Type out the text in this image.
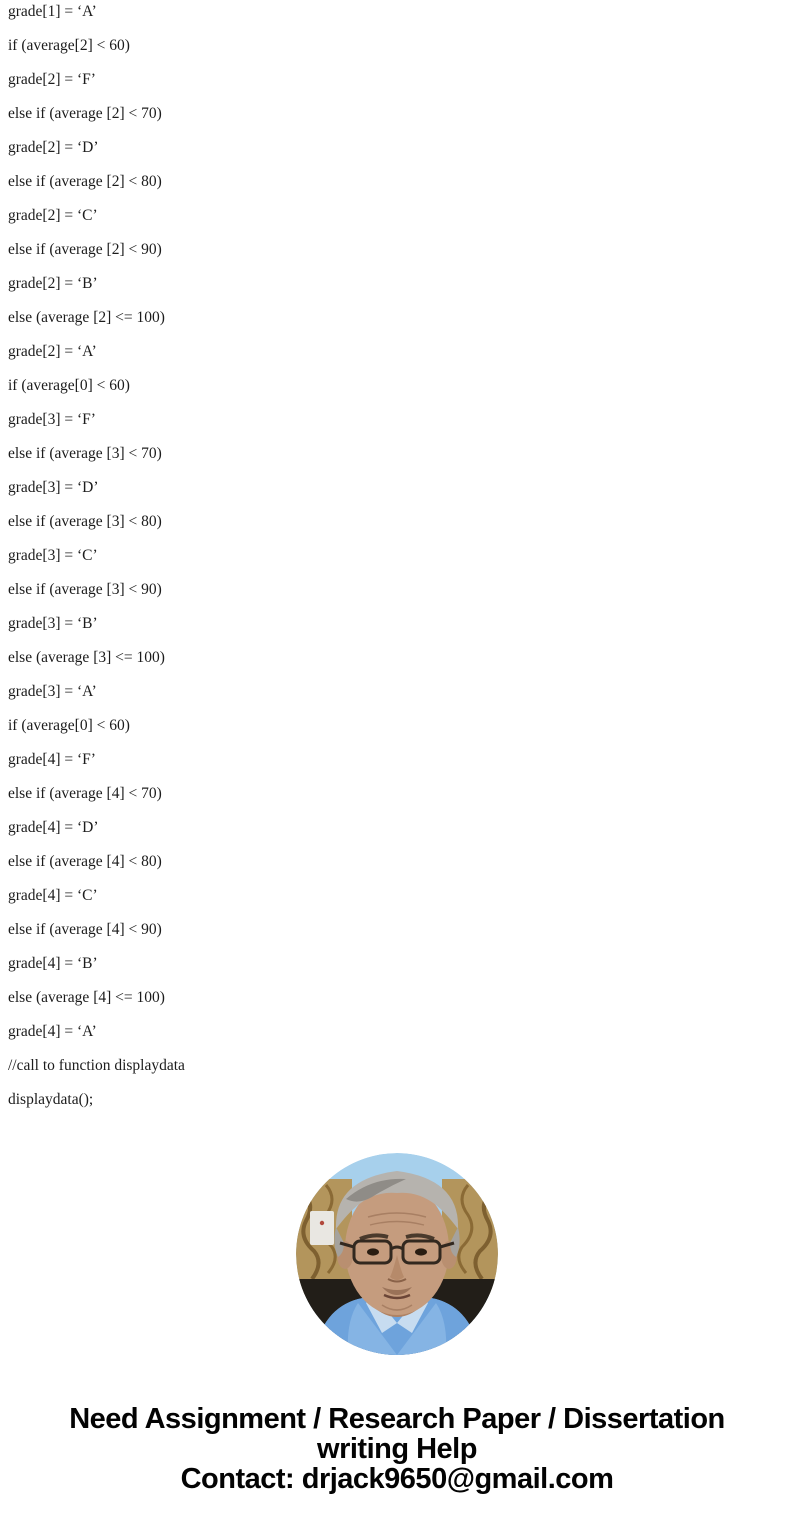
grade[1] = ‘A’
if (average[2] < 60)
grade[2] = ‘F’
else if (average [2] < 70)
grade[2] = ‘D’
else if (average [2] < 80)
grade[2] = ‘C’
else if (average [2] < 90)
grade[2] = ‘B’
else (average [2] <= 100)
grade[2] = ‘A’
if (average[0] < 60)
grade[3] = ‘F’
else if (average [3] < 70)
grade[3] = ‘D’
else if (average [3] < 80)
grade[3] = ‘C’
else if (average [3] < 90)
grade[3] = ‘B’
else (average [3] <= 100)
grade[3] = ‘A’
if (average[0] < 60)
grade[4] = ‘F’
else if (average [4] < 70)
grade[4] = ‘D’
else if (average [4] < 80)
grade[4] = ‘C’
else if (average [4] < 90)
grade[4] = ‘B’
else (average [4] <= 100)
grade[4] = ‘A’
//call to function displaydata
displaydata();
Need Assignment / Research Paper / Dissertation
writing Help
Contact: drjack9650@gmail.com
